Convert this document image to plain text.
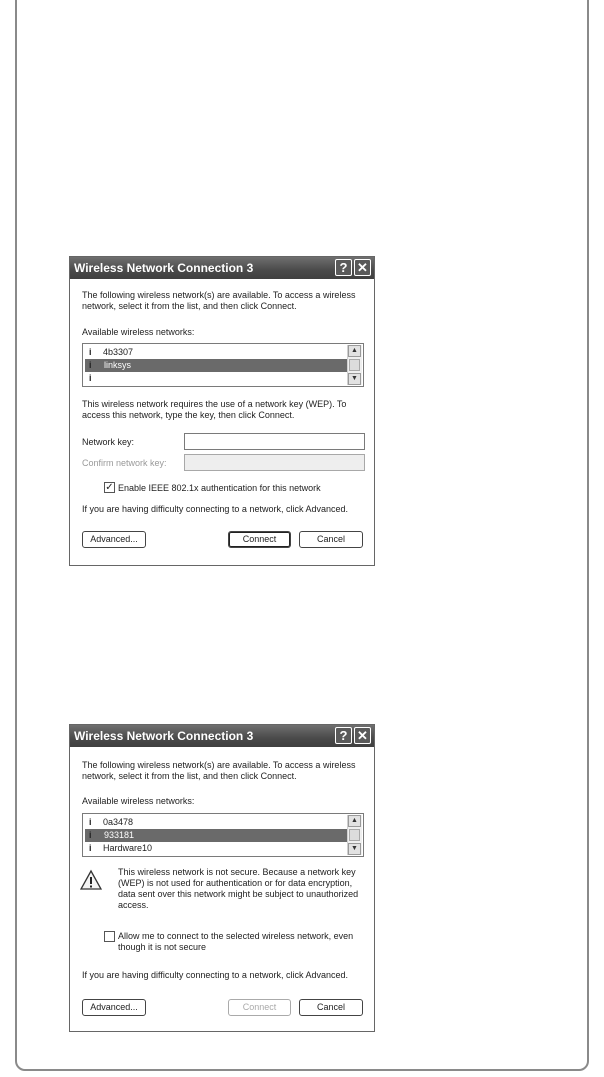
Wireless Network Connection 3	? ✕
The following wireless network(s) are available. To access a wireless network, select it from the list, and then click Connect.
Available wireless networks:
i	4b3307
i	linksys
i
▲
▼
This wireless network requires the use of a network key (WEP). To access this network, type the key, then click Connect.
Network key:
Confirm network key:
✓ Enable IEEE 802.1x authentication for this network
If you are having difficulty connecting to a network, click Advanced.
Advanced...	Connect	Cancel
Wireless Network Connection 3	? ✕
The following wireless network(s) are available. To access a wireless network, select it from the list, and then click Connect.
Available wireless networks:
i	0a3478
i	933181
i	Hardware10
▲
▼
This wireless network is not secure. Because a network key (WEP) is not used for authentication or for data encryption, data sent over this network might be subject to unauthorized access.
Allow me to connect to the selected wireless network, even though it is not secure
If you are having difficulty connecting to a network, click Advanced.
Advanced...	Connect	Cancel
